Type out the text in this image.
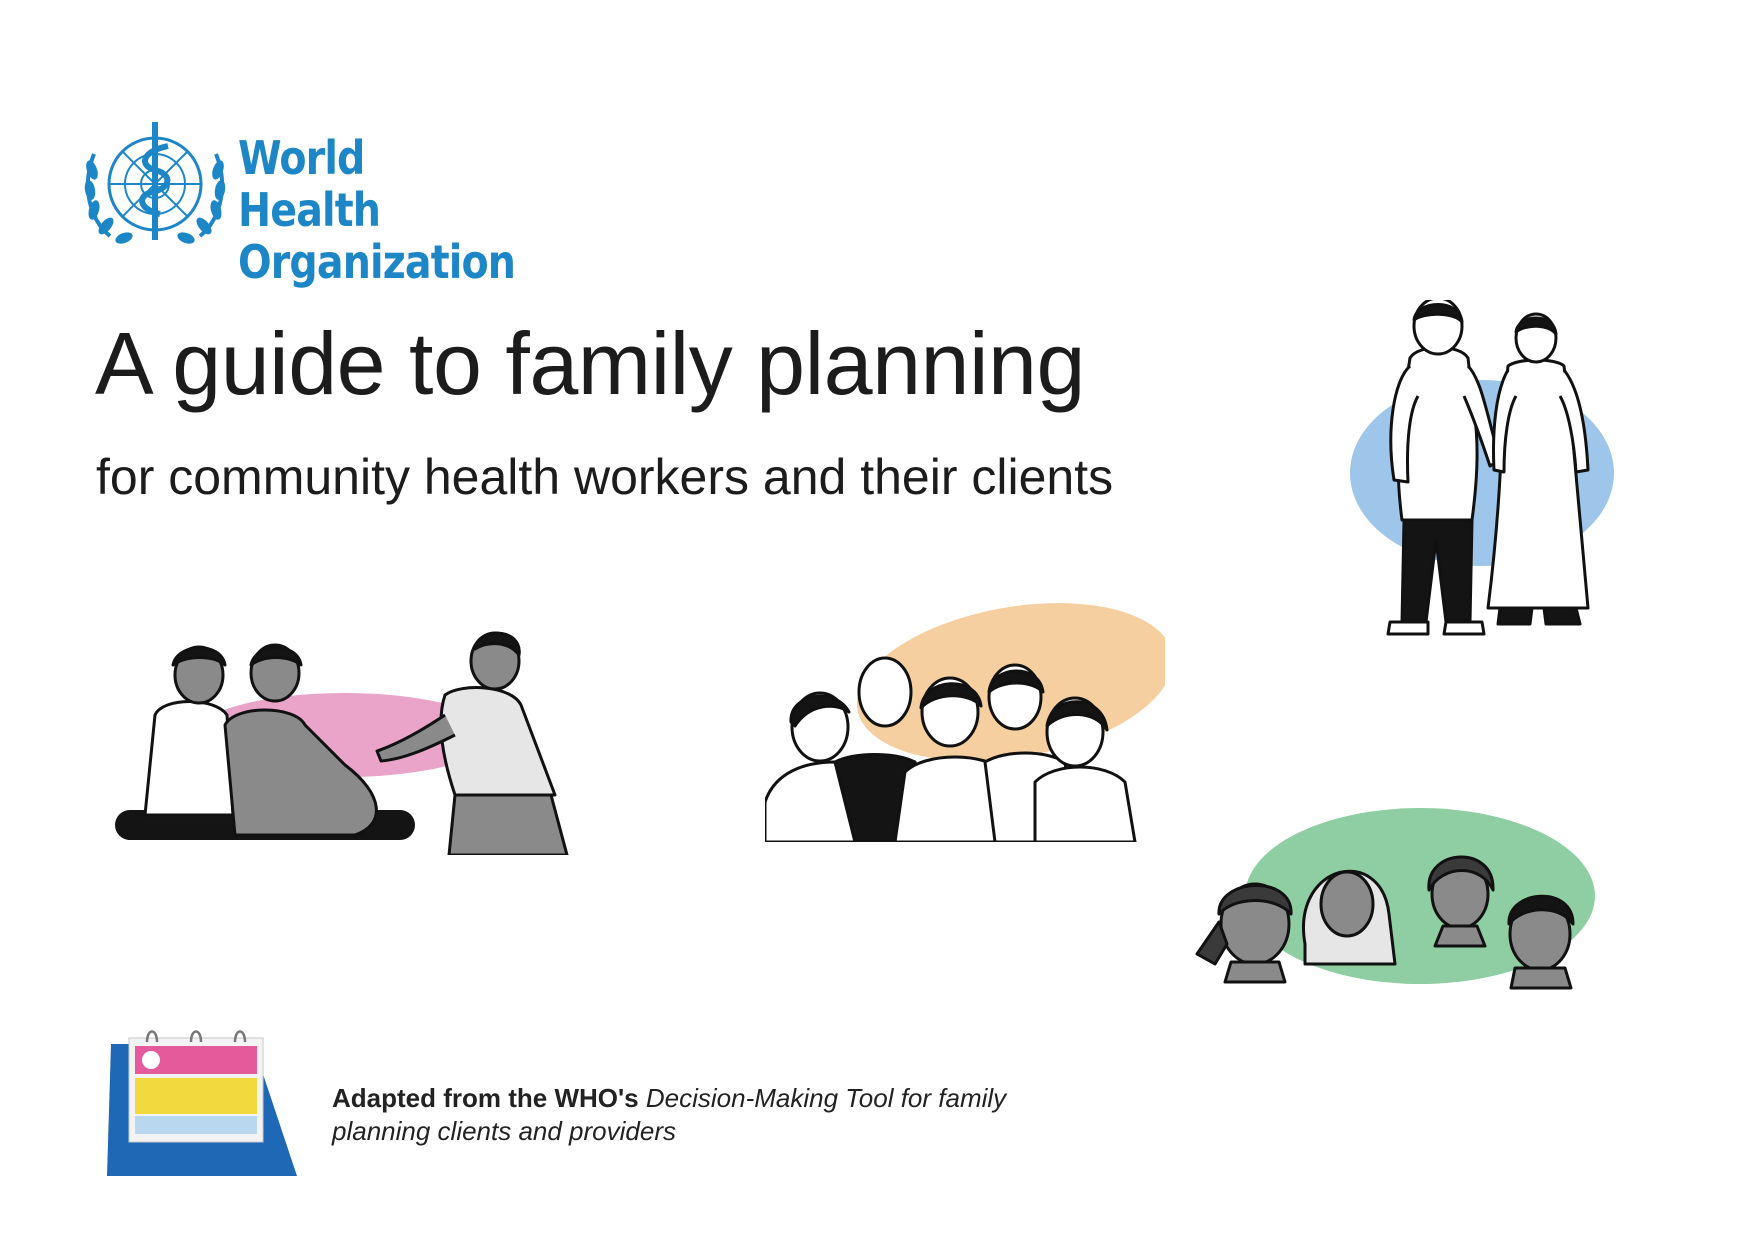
World Health
Organization
A guide to family planning

for community health workers and their clients

Adapted from the WHO's Decision-Making Tool for family
planning clients and providers
